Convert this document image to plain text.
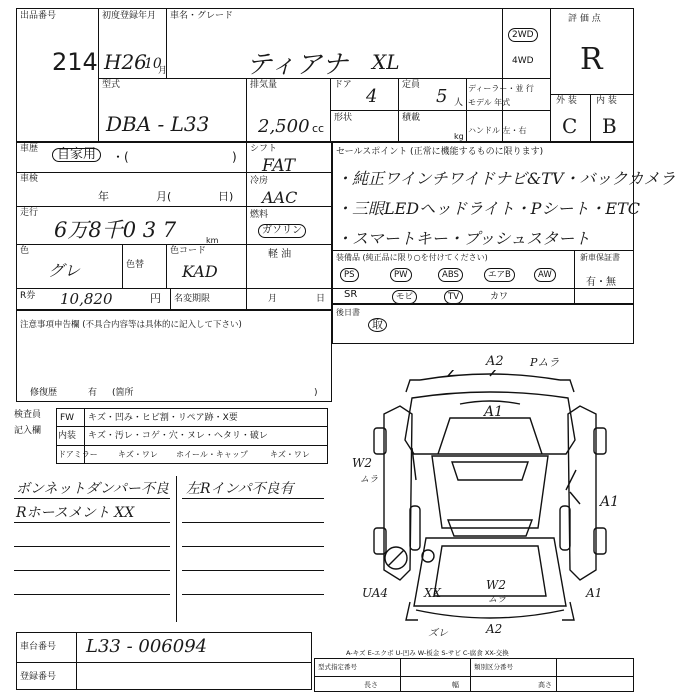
出品番号
214
初度登録年月
H26
10
月
車名・グレード
ティアナ XL
2WD
4WD
評 価 点
R
型式
DBA - L33
排気量
2,500 cc
ドア
4
定員
5 人
ディーラー・並 行
モデル 年式
形状	積載
kg
ハンドル 左・右
外 装
C
内 装
B
車歴	自家用	・(	)
車検
年	月(	日)
走行
6万8千0 3 7	km
色
グレ	色替
色コード
KAD
R券 10,820	円 名変期限	月	日
シフト
FAT
冷房
AAC
燃料
ガソリン
軽 油
注意事項申告欄 (不具合内容等は具体的に記入して下さい)
修復歴	有 (箇所	)
セールスポイント (正常に機能するものに限ります)
・純正ワインチワイドナビ&TV・バックカメラ
・三眼LEDヘッドライト・Pシート・ETC
・スマートキー・プッシュスタート
装備品 (純正品に限り○を付けてください)	新車保証書
PS	PW	ABS	エアB	AW
SR	モビ	TV	カワ
有・無
後日書
取
検査員
記入欄
FW キズ・凹み・ヒビ割・リペア跡・X要
内装 キズ・汚レ・コゲ・穴・ヌレ・ヘタリ・破レ
ドアミラー	キズ・ワレ ホイール・キャップ	キズ・ワレ
ボンネットダンパー不良
Rホースメント XX
左Rインパ不良有
A2 Pムラ
A1
W2
ムラ
A1
UA4	XX
W2
ムラ	A1
ズレ	A2
車台番号 L33 - 006094
登録番号
A-キズ E-エクボ U-凹み W-板金 S-サビ C-腐食 XX-交換
型式指定番号	類別区分番号
長さ	幅	高さ
